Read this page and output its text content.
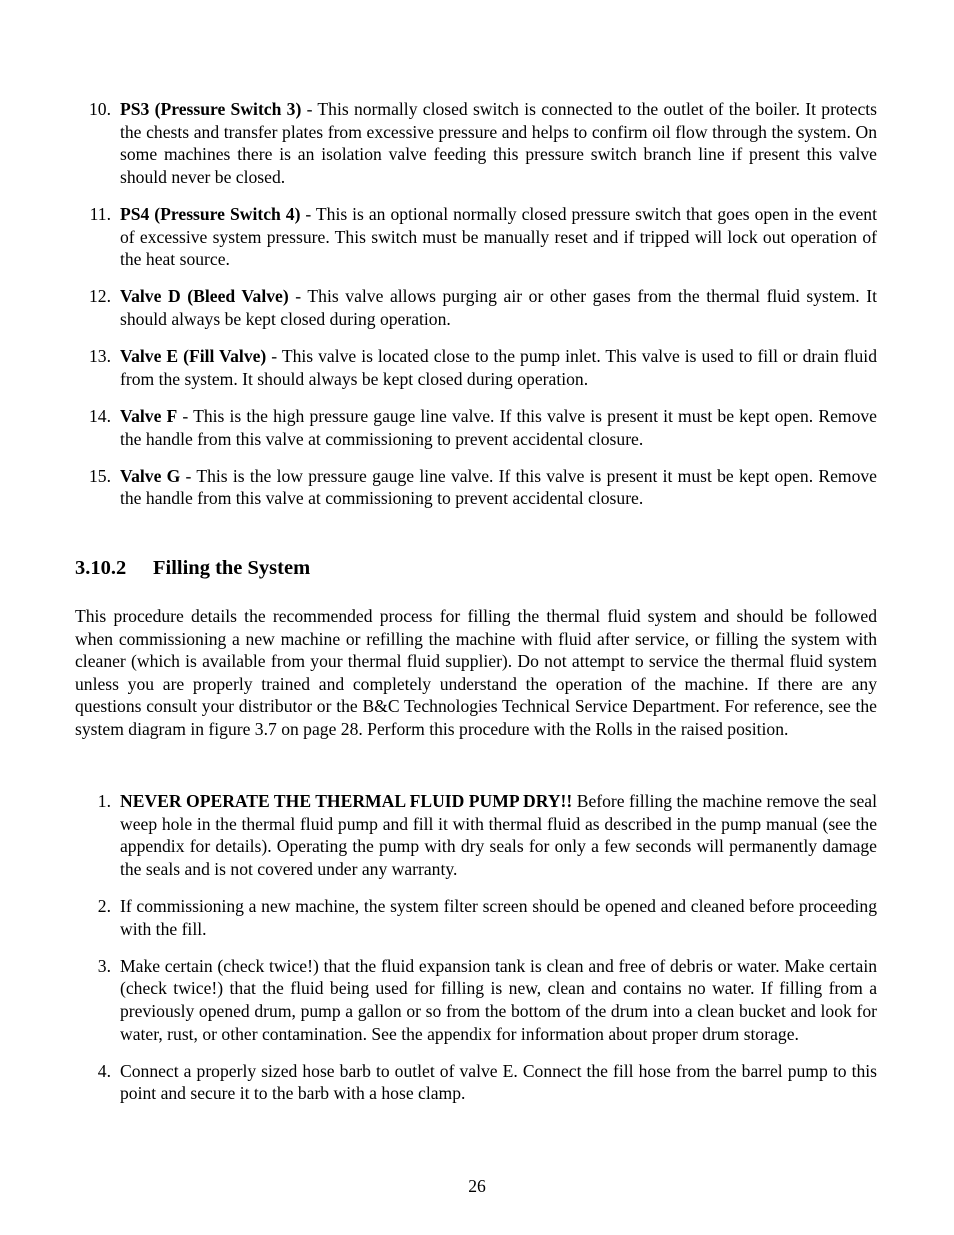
10. PS3 (Pressure Switch 3) - This normally closed switch is connected to the outlet of the boiler. It protects the chests and transfer plates from excessive pressure and helps to confirm oil flow through the system. On some machines there is an isolation valve feeding this pressure switch branch line if present this valve should never be closed.
11. PS4 (Pressure Switch 4) - This is an optional normally closed pressure switch that goes open in the event of excessive system pressure. This switch must be manually reset and if tripped will lock out operation of the heat source.
12. Valve D (Bleed Valve) - This valve allows purging air or other gases from the thermal fluid system. It should always be kept closed during operation.
13. Valve E (Fill Valve) - This valve is located close to the pump inlet. This valve is used to fill or drain fluid from the system. It should always be kept closed during operation.
14. Valve F - This is the high pressure gauge line valve. If this valve is present it must be kept open. Remove the handle from this valve at commissioning to prevent accidental closure.
15. Valve G - This is the low pressure gauge line valve. If this valve is present it must be kept open. Remove the handle from this valve at commissioning to prevent accidental closure.
3.10.2 Filling the System

This procedure details the recommended process for filling the thermal fluid system and should be followed when commissioning a new machine or refilling the machine with fluid after service, or filling the system with cleaner (which is available from your thermal fluid supplier). Do not attempt to service the thermal fluid system unless you are properly trained and completely understand the operation of the machine. If there are any questions consult your distributor or the B&C Technologies Technical Service Department. For reference, see the system diagram in figure 3.7 on page 28. Perform this procedure with the Rolls in the raised position.

1. NEVER OPERATE THE THERMAL FLUID PUMP DRY!! Before filling the machine remove the seal weep hole in the thermal fluid pump and fill it with thermal fluid as described in the pump manual (see the appendix for details). Operating the pump with dry seals for only a few seconds will permanently damage the seals and is not covered under any warranty.
2. If commissioning a new machine, the system filter screen should be opened and cleaned before proceeding with the fill.
3. Make certain (check twice!) that the fluid expansion tank is clean and free of debris or water. Make certain (check twice!) that the fluid being used for filling is new, clean and contains no water. If filling from a previously opened drum, pump a gallon or so from the bottom of the drum into a clean bucket and look for water, rust, or other contamination. See the appendix for information about proper drum storage.
4. Connect a properly sized hose barb to outlet of valve E. Connect the fill hose from the barrel pump to this point and secure it to the barb with a hose clamp.
26
